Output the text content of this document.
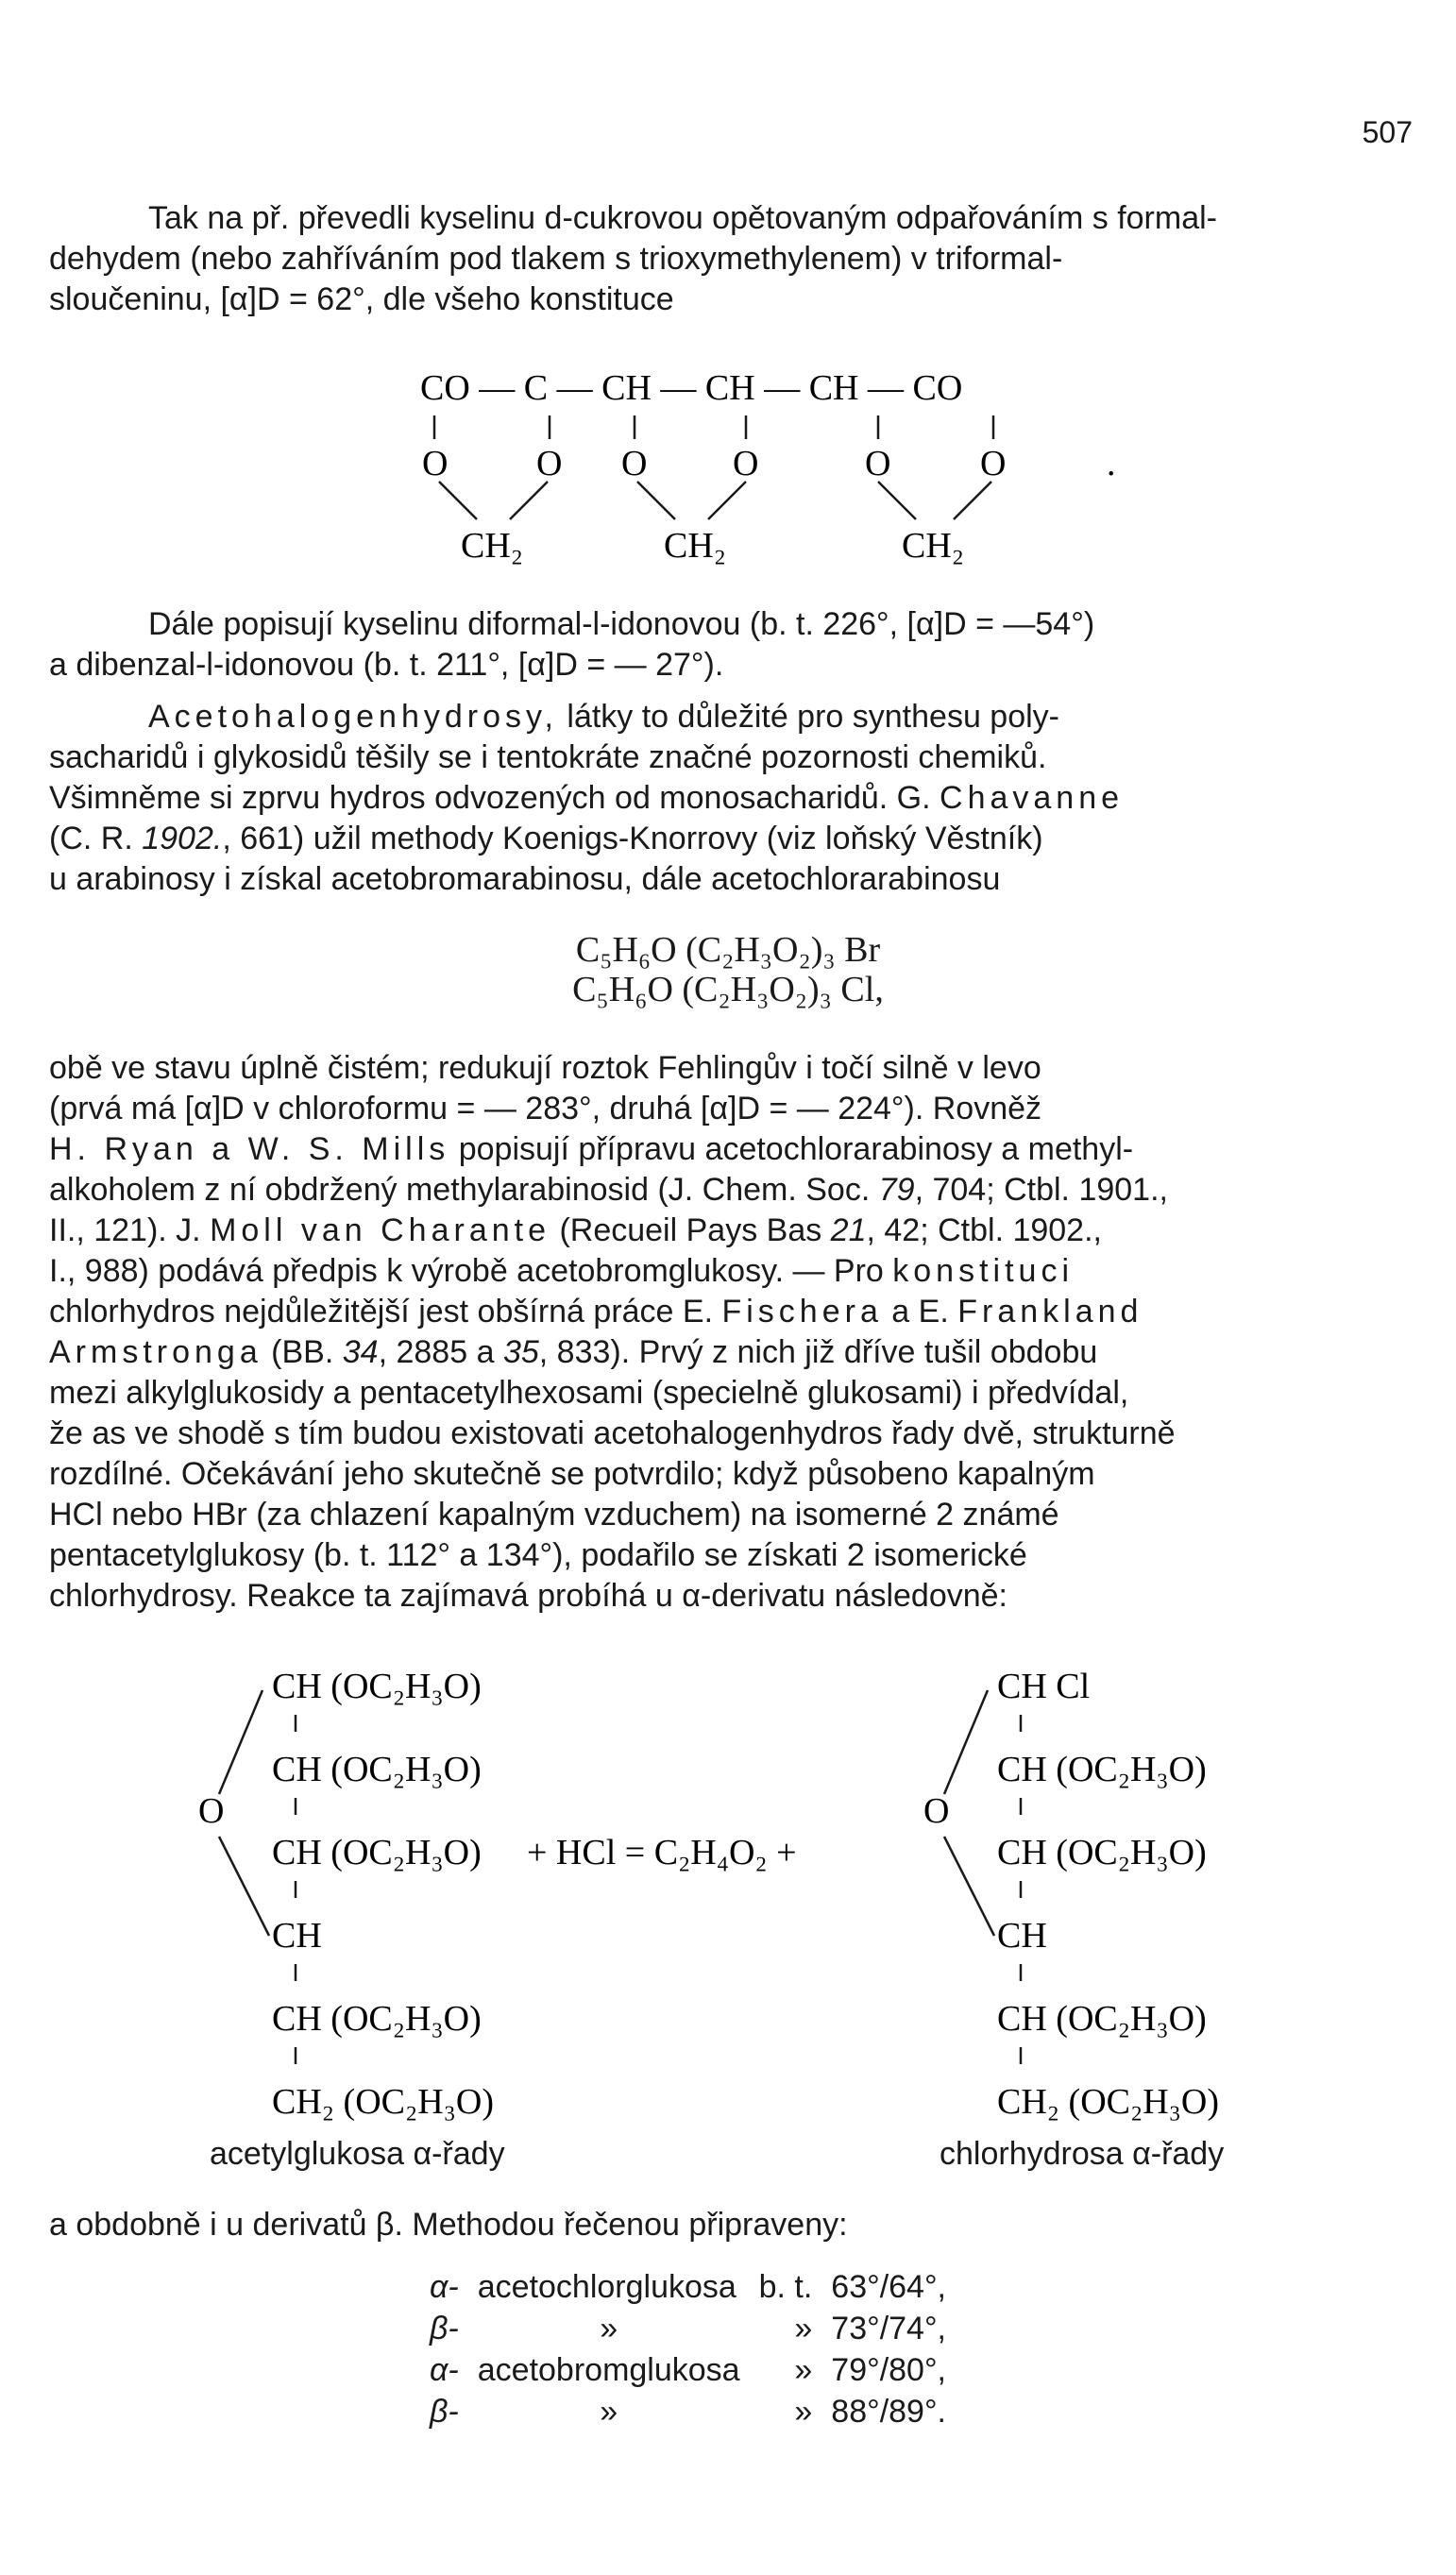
507

Tak na př. převedli kyselinu d-cukrovou opětovaným odpařováním s formal-

dehydem (nebo zahříváním pod tlakem s trioxymethylenem) v triformal-

sloučeninu, [α]D = 62°, dle všeho konstituce

CO — C — CH — CH — CH — CO
O O O O	O O	.
CH₂	CH₂	CH₂

Dále popisují kyselinu diformal-l-idonovou (b. t. 226°, [α]D = —54°)

a dibenzal-l-idonovou (b. t. 211°, [α]D = — 27°).

Acetohalogenhydrosy, látky to důležité pro synthesu poly-

sacharidů i glykosidů těšily se i tentokráte značné pozornosti chemiků.

Všimněme si zprvu hydros odvozených od monosacharidů. G. Chavanne

(C. R. 1902., 661) užil methody Koenigs-Knorrovy (viz loňský Věstník)

u arabinosy i získal acetobromarabinosu, dále acetochlorarabinosu

C₅H₆O (C₂H₃O₂)₃ Br
C₅H₆O (C₂H₃O₂)₃ Cl,

obě ve stavu úplně čistém; redukují roztok Fehlingův i točí silně v levo

(prvá má [α]D v chloroformu = — 283°, druhá [α]D = — 224°). Rovněž

H. Ryan a W. S. Mills popisují přípravu acetochlorarabinosy a methyl-

alkoholem z ní obdržený methylarabinosid (J. Chem. Soc. 79, 704; Ctbl. 1901.,

II., 121). J. Moll van Charante (Recueil Pays Bas 21, 42; Ctbl. 1902.,

I., 988) podává předpis k výrobě acetobromglukosy. — Pro konstituci

chlorhydros nejdůležitější jest obšírná práce E. Fischera a E. Frankland

Armstronga (BB. 34, 2885 a 35, 833). Prvý z nich již dříve tušil obdobu

mezi alkylglukosidy a pentacetylhexosami (specielně glukosami) i předvídal,

že as ve shodě s tím budou existovati acetohalogenhydros řady dvě, strukturně

rozdílné. Očekávání jeho skutečně se potvrdilo; když působeno kapalným

HCl nebo HBr (za chlazení kapalným vzduchem) na isomerné 2 známé

pentacetylglukosy (b. t. 112° a 134°), podařilo se získati 2 isomerické

chlorhydrosy. Reakce ta zajímavá probíhá u α-derivatu následovně:

O
CH (OC₂H₃O)
CH (OC₂H₃O)
CH (OC₂H₃O)
CH
CH (OC₂H₃O)
CH₂ (OC₂H₃O)
+ HCl = C₂H₄O₂ +
O
CH Cl
CH (OC₂H₃O)
CH (OC₂H₃O)
CH
CH (OC₂H₃O)
CH₂ (OC₂H₃O)
acetylglukosa α-řady	chlorhydrosa α-řady

a obdobně i u derivatů β. Methodou řečenou připraveny:

α-	acetochlorglukosa	b. t.	63°/64°,
β-	»	»	73°/74°,
α-	acetobromglukosa	»	79°/80°,
β-	»	»	88°/89°.
